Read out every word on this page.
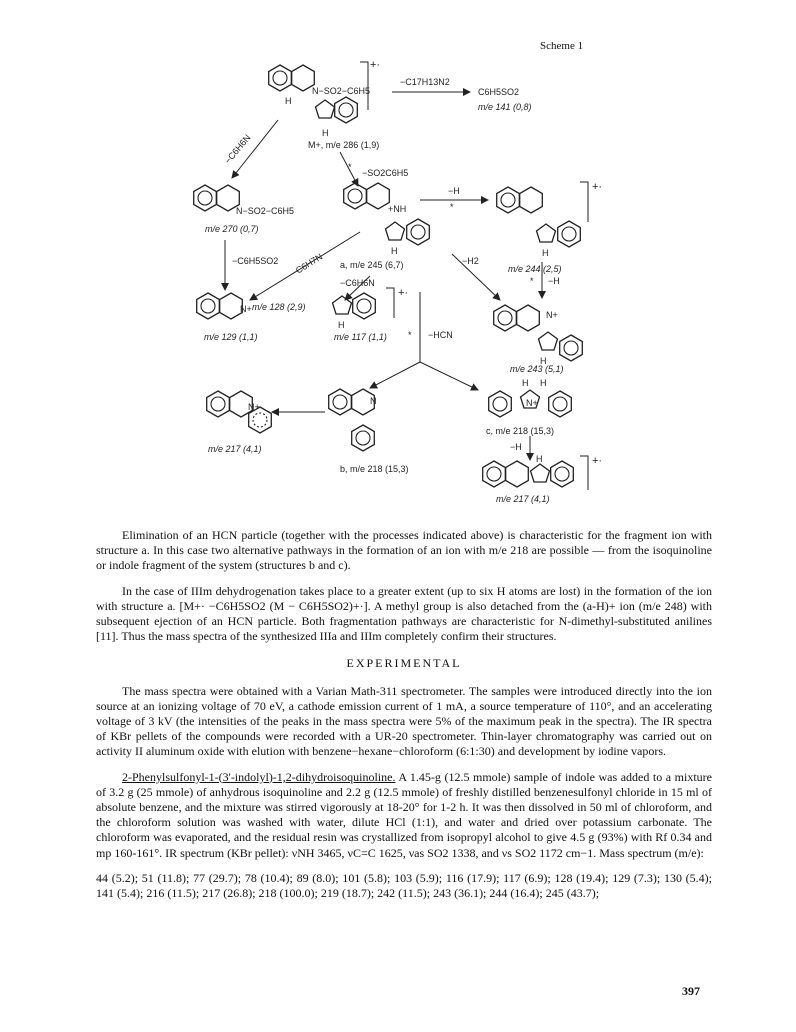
Scheme 1
N−SO2−C6H5
H
H
+·
M+, m/e 286 (1,9)
−C17H13N2
C6H5SO2
m/e 141 (0,8)
−C6H6N
*
−SO2C6H5
N−SO2−C6H5
m/e 270 (0,7)
+NH
H
−H
*
+·
H
m/e 244 (2,5)
−C6H5SO2 −C6H7N a, m/e 245 (6,7)	−H2
−C6H6N
N+ m/e 128 (2,9)
m/e 129 (1,1)
+·
H
m/e 117 (1,1)
* −H
N+
H
m/e 243 (5,1)
* −HCN
N
b, m/e 218 (15,3)
N+
m/e 217 (4,1)
H H
N+
c, m/e 218 (15,3)
−H
+·
H
m/e 217 (4,1)

Elimination of an HCN particle (together with the processes indicated above) is characteristic for the fragment ion with structure a. In this case two alternative pathways in the formation of an ion with m/e 218 are possible — from the isoquinoline or indole fragment of the system (structures b and c).

In the case of IIIm dehydrogenation takes place to a greater extent (up to six H atoms are lost) in the formation of the ion with structure a. [M+· −C6H5SO2 (M − C6H5SO2)+·]. A methyl group is also detached from the (a-H)+ ion (m/e 248) with subsequent ejection of an HCN particle. Both fragmentation pathways are characteristic for N-dimethyl-substituted anilines [11]. Thus the mass spectra of the synthesized IIIa and IIIm completely confirm their structures.

EXPERIMENTAL

The mass spectra were obtained with a Varian Math-311 spectrometer. The samples were introduced directly into the ion source at an ionizing voltage of 70 eV, a cathode emission current of 1 mA, a source temperature of 110°, and an accelerating voltage of 3 kV (the intensities of the peaks in the mass spectra were 5% of the maximum peak in the spectra). The IR spectra of KBr pellets of the compounds were recorded with a UR-20 spectrometer. Thin-layer chromatography was carried out on activity II aluminum oxide with elution with benzene−hexane−chloroform (6:1:30) and development by iodine vapors.

2-Phenylsulfonyl-1-(3'-indolyl)-1,2-dihydroisoquinoline. A 1.45-g (12.5 mmole) sample of indole was added to a mixture of 3.2 g (25 mmole) of anhydrous isoquinoline and 2.2 g (12.5 mmole) of freshly distilled benzenesulfonyl chloride in 15 ml of absolute benzene, and the mixture was stirred vigorously at 18-20° for 1-2 h. It was then dissolved in 50 ml of chloroform, and the chloroform solution was washed with water, dilute HCl (1:1), and water and dried over potassium carbonate. The chloroform was evaporated, and the residual resin was crystallized from isopropyl alcohol to give 4.5 g (93%) with Rf 0.34 and mp 160-161°. IR spectrum (KBr pellet): νNH 3465, νC=C 1625, νas SO2 1338, and νs SO2 1172 cm−1. Mass spectrum (m/e):

44 (5.2); 51 (11.8); 77 (29.7); 78 (10.4); 89 (8.0); 101 (5.8); 103 (5.9); 116 (17.9); 117 (6.9); 128 (19.4); 129 (7.3); 130 (5.4); 141 (5.4); 216 (11.5); 217 (26.8); 218 (100.0); 219 (18.7); 242 (11.5); 243 (36.1); 244 (16.4); 245 (43.7);

397
